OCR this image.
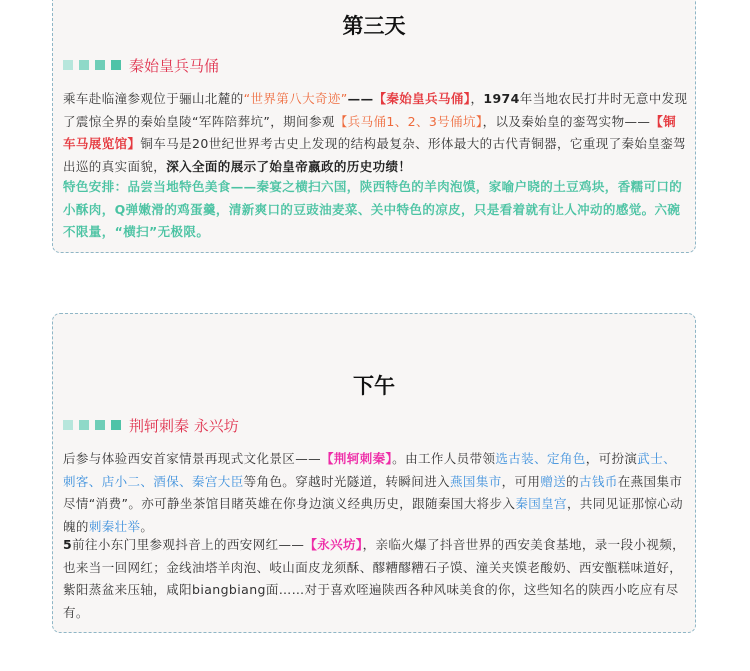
第三天
秦始皇兵马俑
乘车赴临潼参观位于骊山北麓的“世界第八大奇迹”——【秦始皇兵马俑】，1974年当地农民打井时无意中发现了震惊全界的秦始皇陵“军阵陪葬坑”，期间参观【兵马俑1、2、3号俑坑】，以及秦始皇的銮驾实物——【铜车马展览馆】铜车马是20世纪世界考古史上发现的结构最复杂、形体最大的古代青铜器，它重现了秦始皇銮驾出巡的真实面貌，深入全面的展示了始皇帝嬴政的历史功绩！
特色安排：品尝当地特色美食——秦宴之横扫六国，陕西特色的羊肉泡馍，家喻户晓的土豆鸡块，香糯可口的小酥肉，Q弹嫩滑的鸡蛋羹，清新爽口的豆豉油麦菜、关中特色的凉皮，只是看着就有让人冲动的感觉。六碗不限量，“横扫”无极限。
下午
荆轲刺秦 永兴坊
后参与体验西安首家情景再现式文化景区——【荆轲刺秦】。由工作人员带领选古装、定角色，可扮演武士、刺客、店小二、酒保、秦宫大臣等角色。穿越时光隧道，转瞬间进入燕国集市，可用赠送的古钱币在燕国集市尽情“消费”。亦可静坐茶馆目睹英雄在你身边演义经典历史，跟随秦国大将步入秦国皇宫，共同见证那惊心动魄的刺秦壮举。
5前往小东门里参观抖音上的西安网红——【永兴坊】，亲临火爆了抖音世界的西安美食基地，录一段小视频，也来当一回网红；金线油塔羊肉泡、岐山面皮龙须酥、醪糟醪糟石子馍、潼关夹馍老酸奶、西安甑糕味道好，紫阳蒸盆来压轴，咸阳biangbiang面……对于喜欢咥遍陕西各种风味美食的你，这些知名的陕西小吃应有尽有。
